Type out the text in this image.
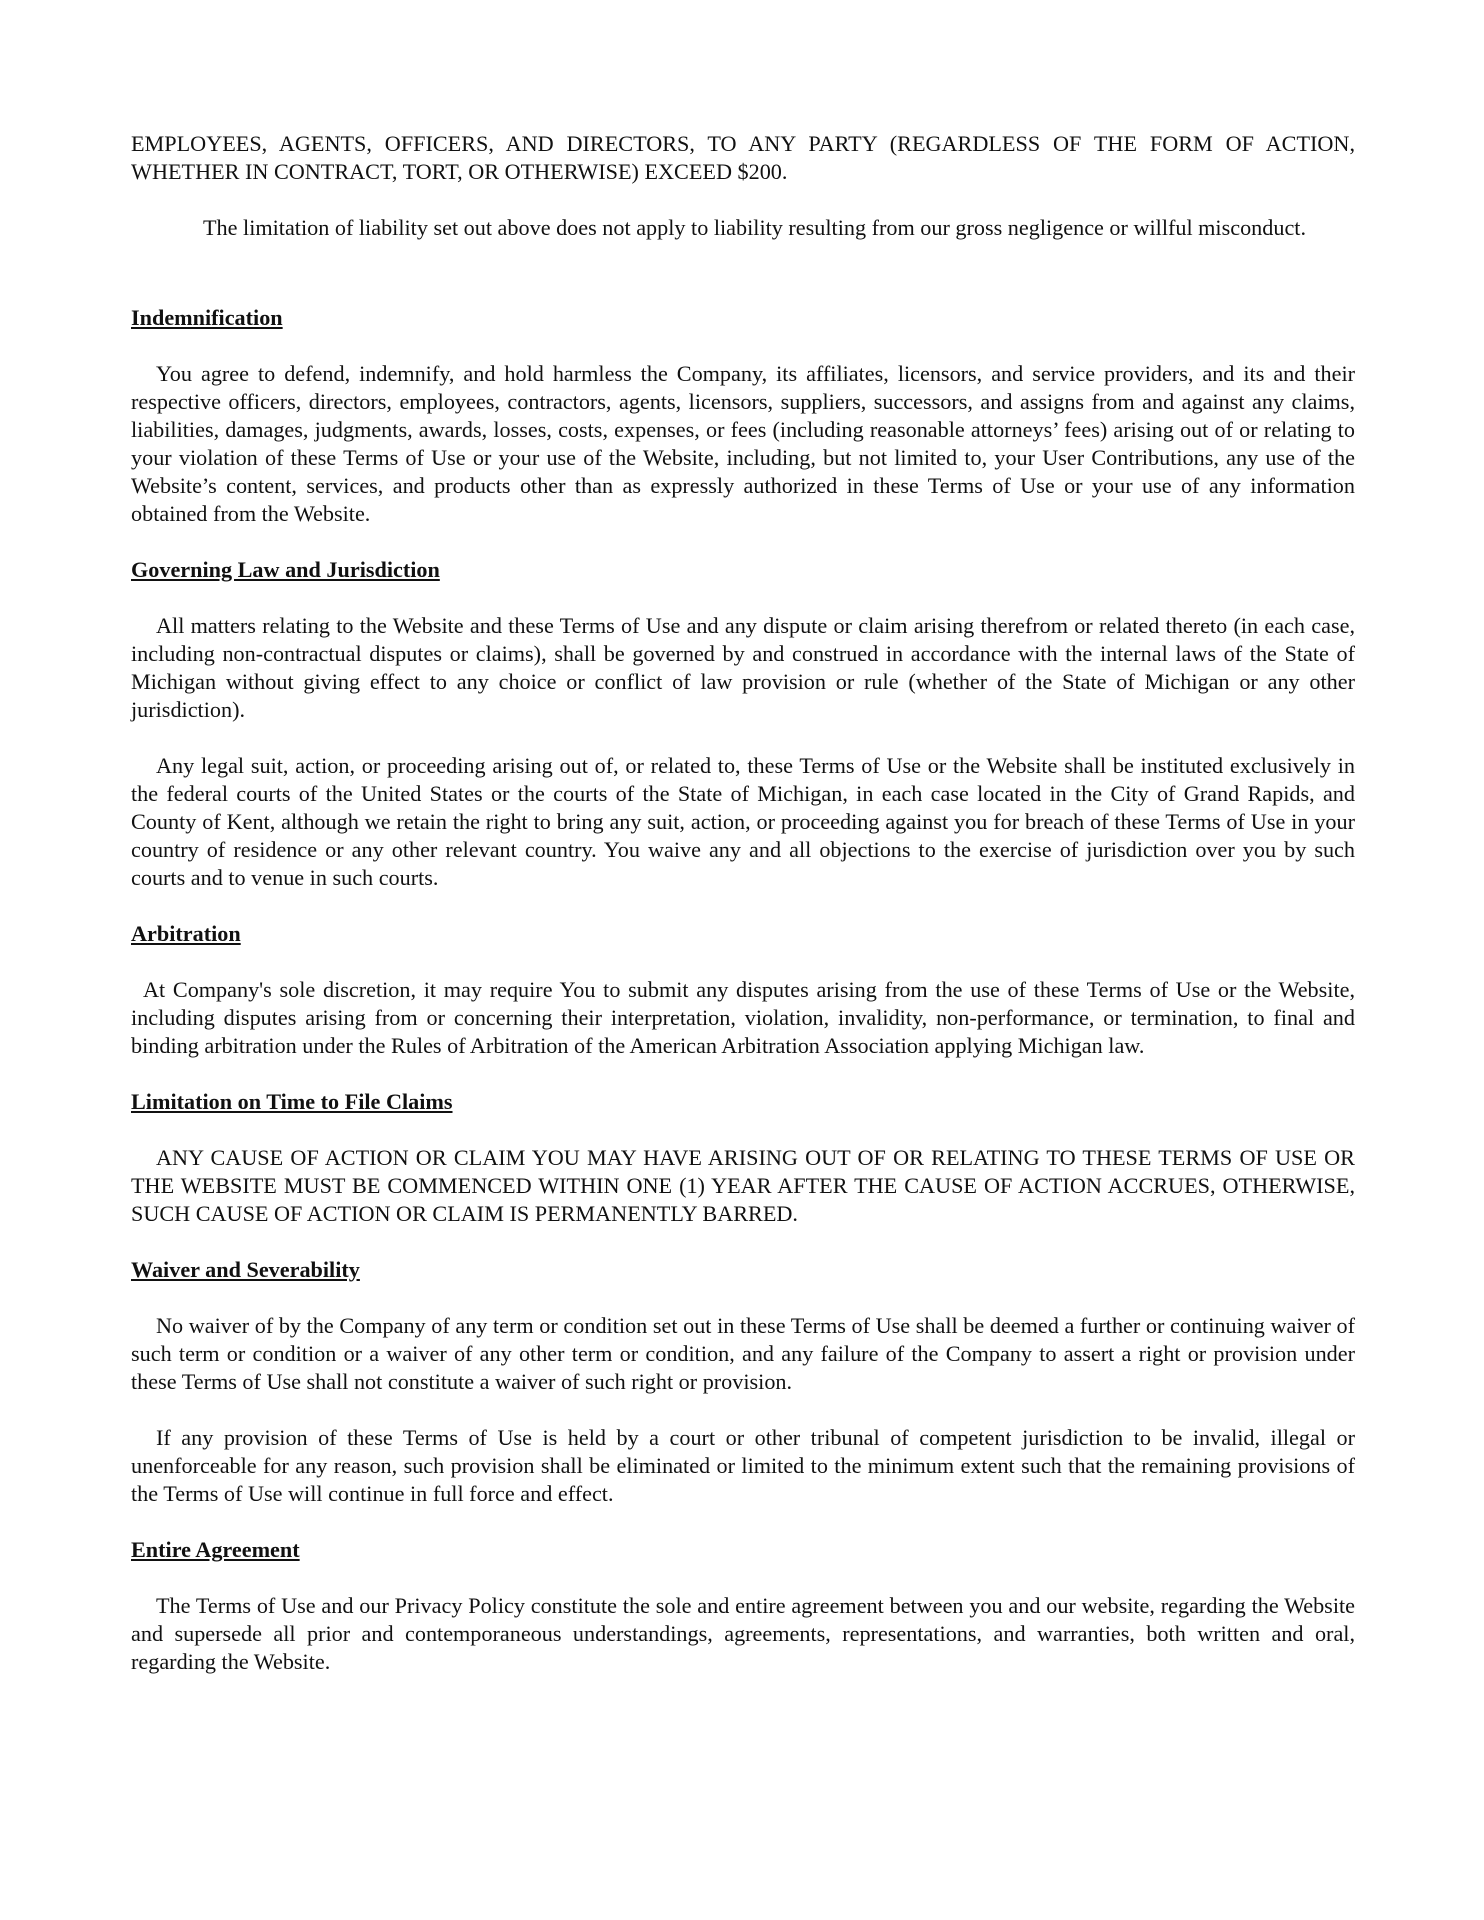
EMPLOYEES, AGENTS, OFFICERS, AND DIRECTORS, TO ANY PARTY (REGARDLESS OF THE FORM OF ACTION, WHETHER IN CONTRACT, TORT, OR OTHERWISE) EXCEED $200.

The limitation of liability set out above does not apply to liability resulting from our gross negligence or willful misconduct.

Indemnification

You agree to defend, indemnify, and hold harmless the Company, its affiliates, licensors, and service providers, and its and their respective officers, directors, employees, contractors, agents, licensors, suppliers, successors, and assigns from and against any claims, liabilities, damages, judgments, awards, losses, costs, expenses, or fees (including reasonable attorneys’ fees) arising out of or relating to your violation of these Terms of Use or your use of the Website, including, but not limited to, your User Contributions, any use of the Website’s content, services, and products other than as expressly authorized in these Terms of Use or your use of any information obtained from the Website.

Governing Law and Jurisdiction

All matters relating to the Website and these Terms of Use and any dispute or claim arising therefrom or related thereto (in each case, including non-contractual disputes or claims), shall be governed by and construed in accordance with the internal laws of the State of Michigan without giving effect to any choice or conflict of law provision or rule (whether of the State of Michigan or any other jurisdiction).

Any legal suit, action, or proceeding arising out of, or related to, these Terms of Use or the Website shall be instituted exclusively in the federal courts of the United States or the courts of the State of Michigan, in each case located in the City of Grand Rapids, and County of Kent, although we retain the right to bring any suit, action, or proceeding against you for breach of these Terms of Use in your country of residence or any other relevant country. You waive any and all objections to the exercise of jurisdiction over you by such courts and to venue in such courts.

Arbitration

At Company's sole discretion, it may require You to submit any disputes arising from the use of these Terms of Use or the Website, including disputes arising from or concerning their interpretation, violation, invalidity, non-performance, or termination, to final and binding arbitration under the Rules of Arbitration of the American Arbitration Association applying Michigan law.

Limitation on Time to File Claims

ANY CAUSE OF ACTION OR CLAIM YOU MAY HAVE ARISING OUT OF OR RELATING TO THESE TERMS OF USE OR THE WEBSITE MUST BE COMMENCED WITHIN ONE (1) YEAR AFTER THE CAUSE OF ACTION ACCRUES, OTHERWISE, SUCH CAUSE OF ACTION OR CLAIM IS PERMANENTLY BARRED.

Waiver and Severability

No waiver of by the Company of any term or condition set out in these Terms of Use shall be deemed a further or continuing waiver of such term or condition or a waiver of any other term or condition, and any failure of the Company to assert a right or provision under these Terms of Use shall not constitute a waiver of such right or provision.

If any provision of these Terms of Use is held by a court or other tribunal of competent jurisdiction to be invalid, illegal or unenforceable for any reason, such provision shall be eliminated or limited to the minimum extent such that the remaining provisions of the Terms of Use will continue in full force and effect.

Entire Agreement

The Terms of Use and our Privacy Policy constitute the sole and entire agreement between you and our website, regarding the Website and supersede all prior and contemporaneous understandings, agreements, representations, and warranties, both written and oral, regarding the Website.
